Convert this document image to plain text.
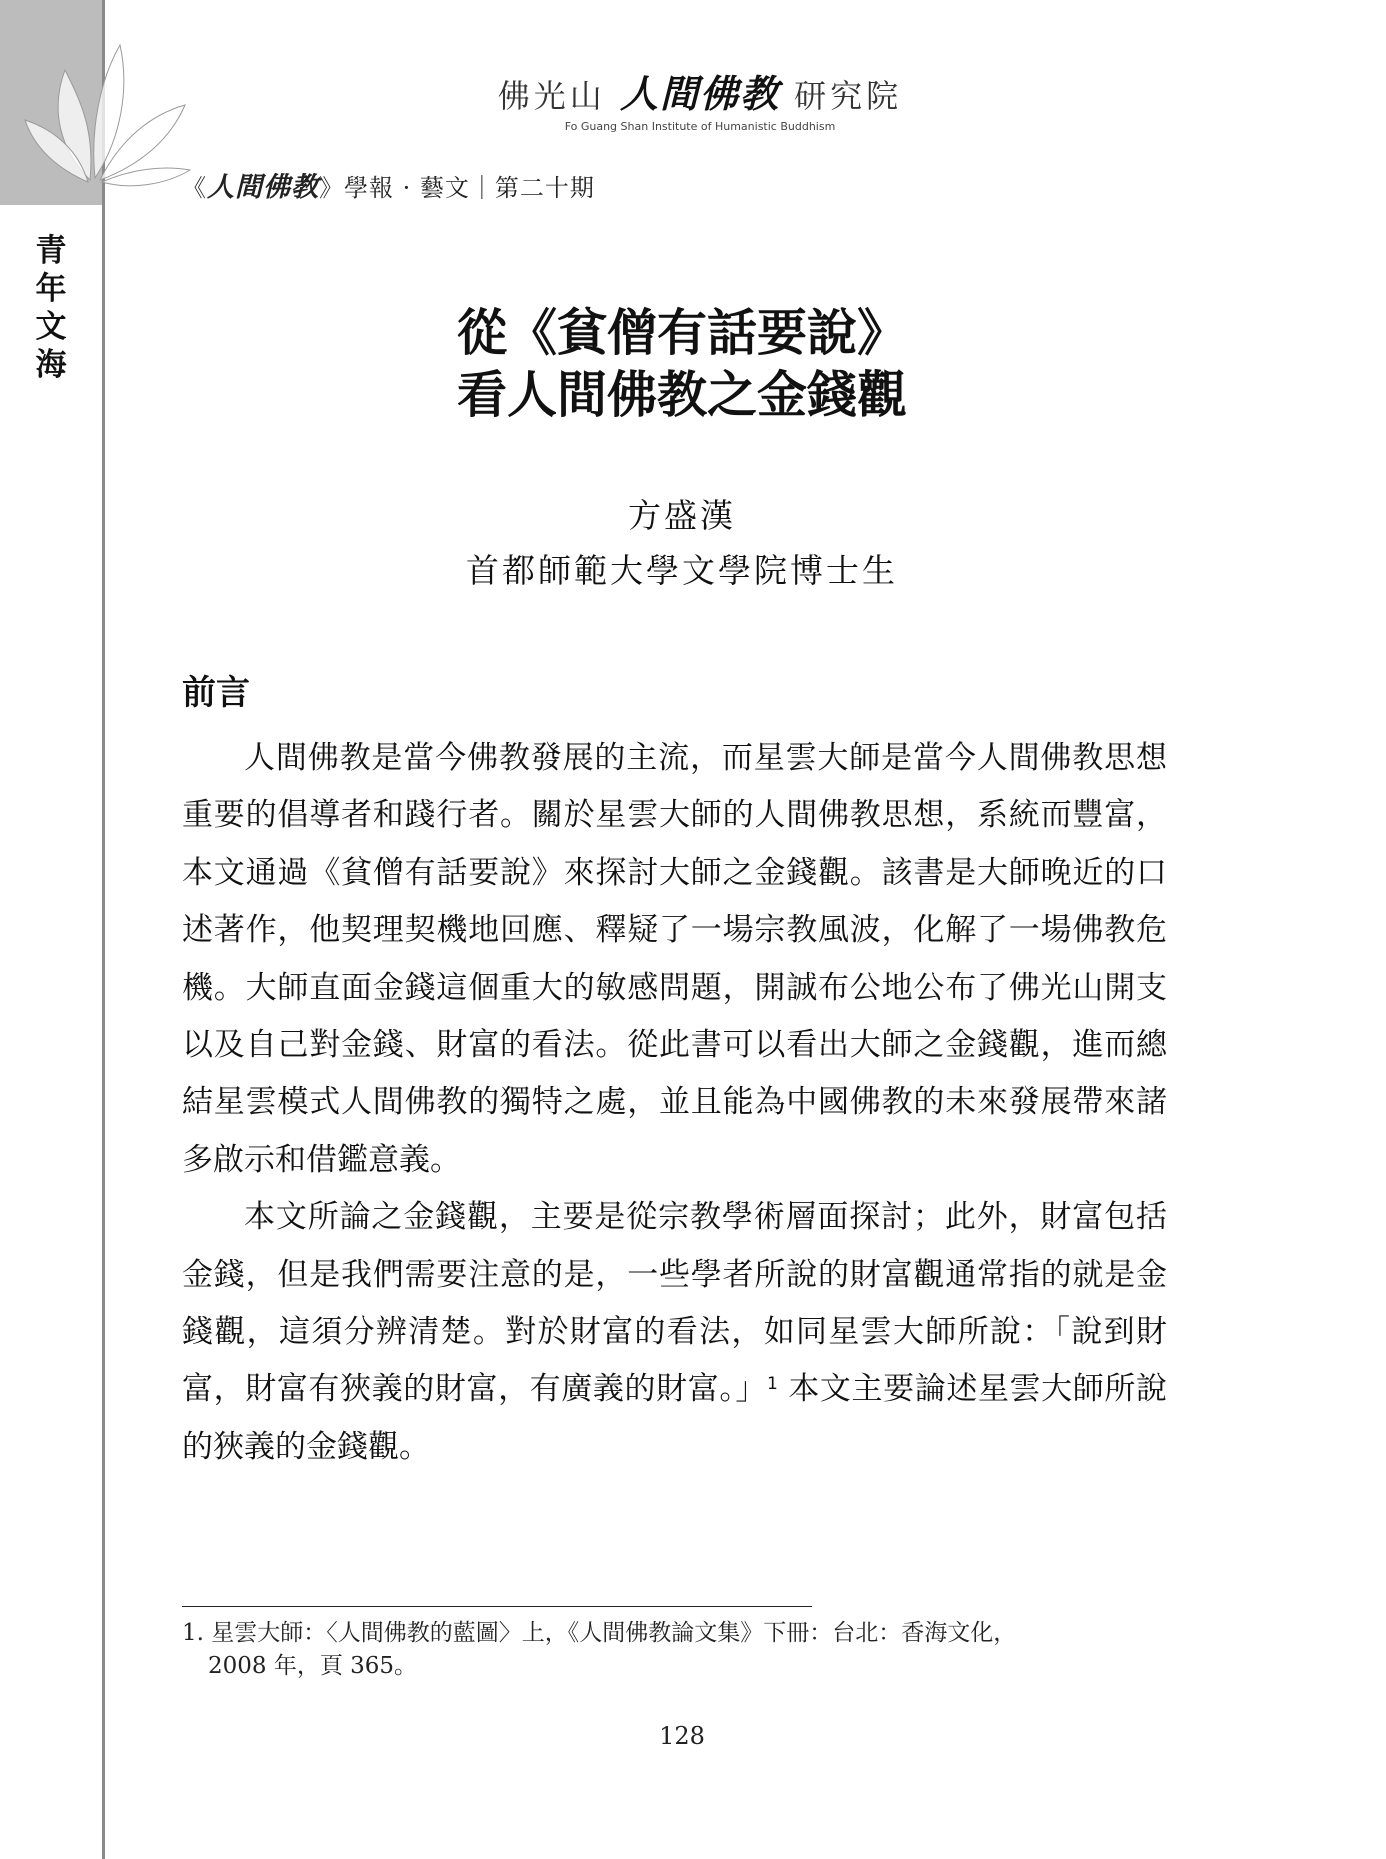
青
年
文
海
佛光山 人間佛教 研究院
Fo Guang Shan Institute of Humanistic Buddhism
《人間佛教》學報 · 藝文｜第二十期
從《貧僧有話要說》
看人間佛教之金錢觀
方盛漢
首都師範大學文學院博士生
前言

人間佛教是當今佛教發展的主流，而星雲大師是當今人間佛教思想重要的倡導者和踐行者。關於星雲大師的人間佛教思想，系統而豐富，本文通過《貧僧有話要說》來探討大師之金錢觀。該書是大師晚近的口述著作，他契理契機地回應、釋疑了一場宗教風波，化解了一場佛教危機。大師直面金錢這個重大的敏感問題，開誠布公地公布了佛光山開支以及自己對金錢、財富的看法。從此書可以看出大師之金錢觀，進而總結星雲模式人間佛教的獨特之處，並且能為中國佛教的未來發展帶來諸多啟示和借鑑意義。

本文所論之金錢觀，主要是從宗教學術層面探討；此外，財富包括金錢，但是我們需要注意的是，一些學者所說的財富觀通常指的就是金錢觀，這須分辨清楚。對於財富的看法，如同星雲大師所說：「說到財富，財富有狹義的財富，有廣義的財富。」$^1$ 本文主要論述星雲大師所說的狹義的金錢觀。

1. 星雲大師：〈人間佛教的藍圖〉上，《人間佛教論文集》下冊：台北：香海文化，
2008 年，頁 365。
128
